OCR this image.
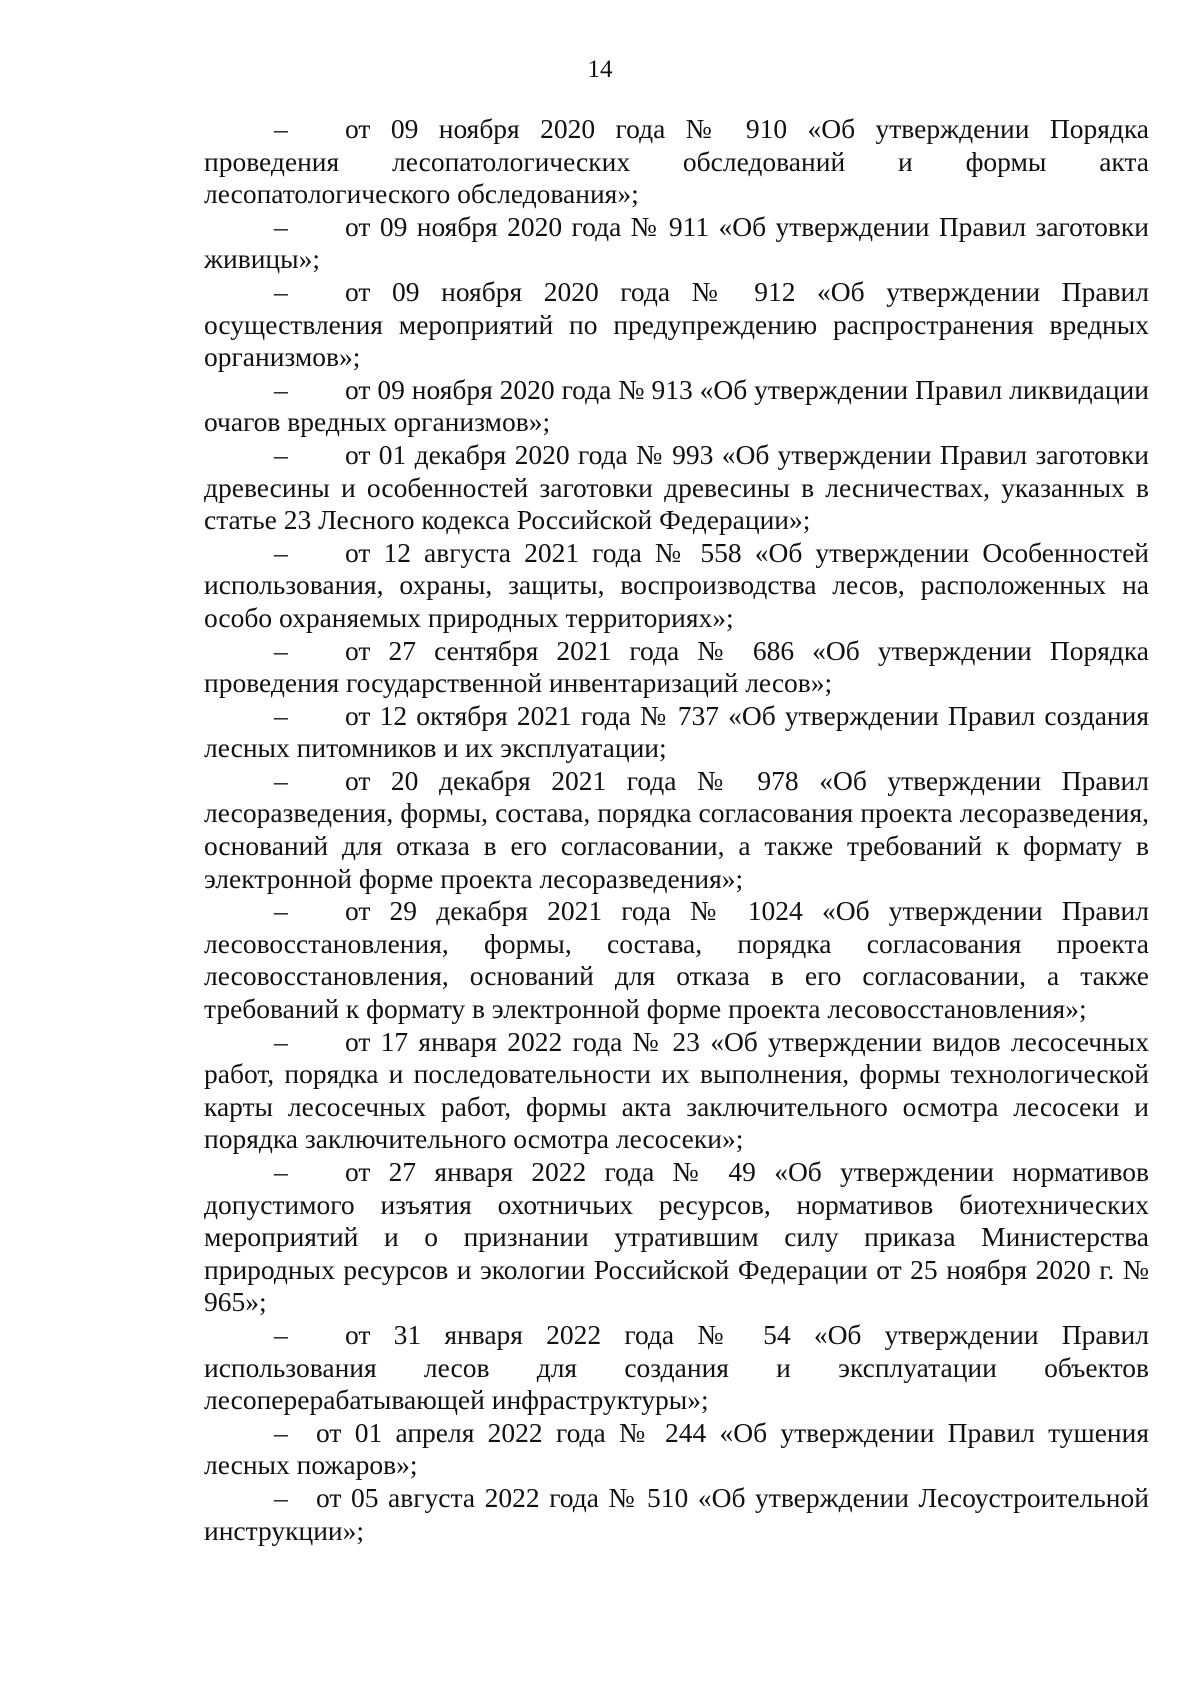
14

– от 09 ноября 2020 года № 910 «Об утверждении Порядка проведения лесопатологических обследований и формы акта лесопатологического обследования»;

– от 09 ноября 2020 года № 911 «Об утверждении Правил заготовки живицы»;

– от 09 ноября 2020 года № 912 «Об утверждении Правил осуществления мероприятий по предупреждению распространения вредных организмов»;

– от 09 ноября 2020 года № 913 «Об утверждении Правил ликвидации очагов вредных организмов»;

– от 01 декабря 2020 года № 993 «Об утверждении Правил заготовки древесины и особенностей заготовки древесины в лесничествах, указанных в статье 23 Лесного кодекса Российской Федерации»;

– от 12 августа 2021 года № 558 «Об утверждении Особенностей использования, охраны, защиты, воспроизводства лесов, расположенных на особо охраняемых природных территориях»;

– от 27 сентября 2021 года № 686 «Об утверждении Порядка проведения государственной инвентаризаций лесов»;

– от 12 октября 2021 года № 737 «Об утверждении Правил создания лесных питомников и их эксплуатации;

– от 20 декабря 2021 года № 978 «Об утверждении Правил лесоразведения, формы, состава, порядка согласования проекта лесоразведения, оснований для отказа в его согласовании, а также требований к формату в электронной форме проекта лесоразведения»;

– от 29 декабря 2021 года № 1024 «Об утверждении Правил лесовосстановления, формы, состава, порядка согласования проекта лесовосстановления, оснований для отказа в его согласовании, а также требований к формату в электронной форме проекта лесовосстановления»;

– от 17 января 2022 года № 23 «Об утверждении видов лесосечных работ, порядка и последовательности их выполнения, формы технологической карты лесосечных работ, формы акта заключительного осмотра лесосеки и порядка заключительного осмотра лесосеки»;

– от 27 января 2022 года № 49 «Об утверждении нормативов допустимого изъятия охотничьих ресурсов, нормативов биотехнических мероприятий и о признании утратившим силу приказа Министерства природных ресурсов и экологии Российской Федерации от 25 ноября 2020 г. № 965»;

– от 31 января 2022 года № 54 «Об утверждении Правил использования лесов для создания и эксплуатации объектов лесоперерабатывающей инфраструктуры»;

– от 01 апреля 2022 года № 244 «Об утверждении Правил тушения лесных пожаров»;

– от 05 августа 2022 года № 510 «Об утверждении Лесоустроительной инструкции»;
